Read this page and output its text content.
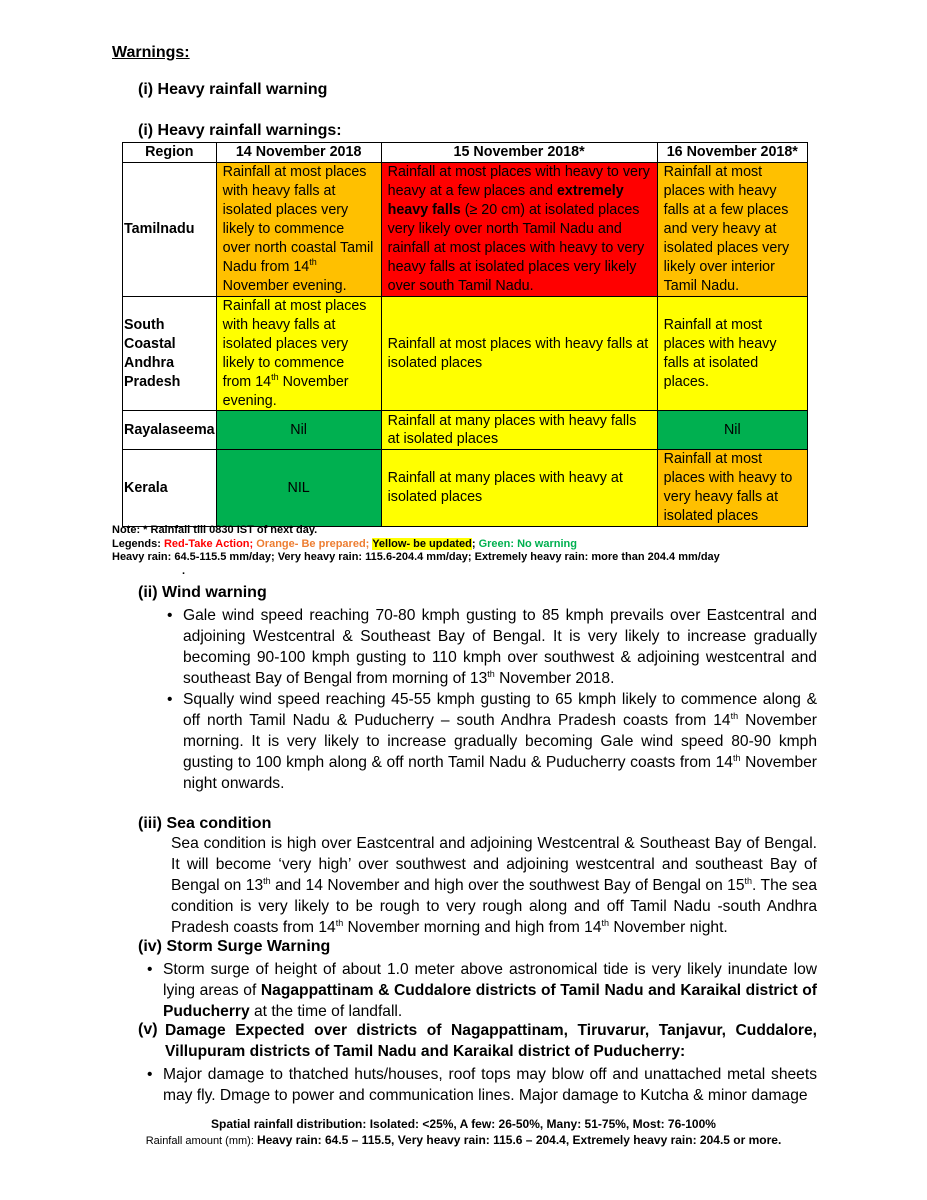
Warnings:
(i) Heavy rainfall warning
(i) Heavy rainfall warnings:
Region	14 November 2018	15 November 2018*	16 November 2018*
Tamilnadu	Rainfall at most places with heavy falls at isolated places very likely to commence over north coastal Tamil Nadu from 14th November evening.	Rainfall at most places with heavy to very heavy at a few places and extremely heavy falls (≥ 20 cm) at isolated places very likely over north Tamil Nadu and rainfall at most places with heavy to very heavy falls at isolated places very likely over south Tamil Nadu.	Rainfall at most places with heavy falls at a few places and very heavy at isolated places very likely over interior Tamil Nadu.
South Coastal Andhra Pradesh	Rainfall at most places with heavy falls at isolated places very likely to commence from 14th November evening.	Rainfall at most places with heavy falls at isolated places	Rainfall at most places with heavy falls at isolated places.
Rayalaseema	Nil	Rainfall at many places with heavy falls at isolated places	Nil
Kerala	NIL	Rainfall at many places with heavy at isolated places	Rainfall at most places with heavy to very heavy falls at isolated places
Note: * Rainfall till 0830 IST of next day.
Legends: Red-Take Action; Orange- Be prepared; Yellow- be updated; Green: No warning
Heavy rain: 64.5-115.5 mm/day; Very heavy rain: 115.6-204.4 mm/day; Extremely heavy rain: more than 204.4 mm/day
.
(ii) Wind warning
• Gale wind speed reaching 70-80 kmph gusting to 85 kmph prevails over Eastcentral and adjoining Westcentral & Southeast Bay of Bengal. It is very likely to increase gradually becoming 90-100 kmph gusting to 110 kmph over southwest & adjoining westcentral and southeast Bay of Bengal from morning of 13th November 2018.
• Squally wind speed reaching 45-55 kmph gusting to 65 kmph likely to commence along & off north Tamil Nadu & Puducherry – south Andhra Pradesh coasts from 14th November morning. It is very likely to increase gradually becoming Gale wind speed 80-90 kmph gusting to 100 kmph along & off north Tamil Nadu & Puducherry coasts from 14th November night onwards.
(iii) Sea condition
Sea condition is high over Eastcentral and adjoining Westcentral & Southeast Bay of Bengal. It will become ‘very high’ over southwest and adjoining westcentral and southeast Bay of Bengal on 13th and 14 November and high over the southwest Bay of Bengal on 15th. The sea condition is very likely to be rough to very rough along and off Tamil Nadu -south Andhra Pradesh coasts from 14th November morning and high from 14th November night.
(iv) Storm Surge Warning
• Storm surge of height of about 1.0 meter above astronomical tide is very likely inundate low lying areas of Nagappattinam & Cuddalore districts of Tamil Nadu and Karaikal district of Puducherry at the time of landfall.
(v) Damage Expected over districts of Nagappattinam, Tiruvarur, Tanjavur, Cuddalore, Villupuram districts of Tamil Nadu and Karaikal district of Puducherry:
• Major damage to thatched huts/houses, roof tops may blow off and unattached metal sheets may fly. Dmage to power and communication lines. Major damage to Kutcha & minor damage
Spatial rainfall distribution: Isolated: <25%, A few: 26-50%, Many: 51-75%, Most: 76-100%
Rainfall amount (mm): Heavy rain: 64.5 – 115.5, Very heavy rain: 115.6 – 204.4, Extremely heavy rain: 204.5 or more.
